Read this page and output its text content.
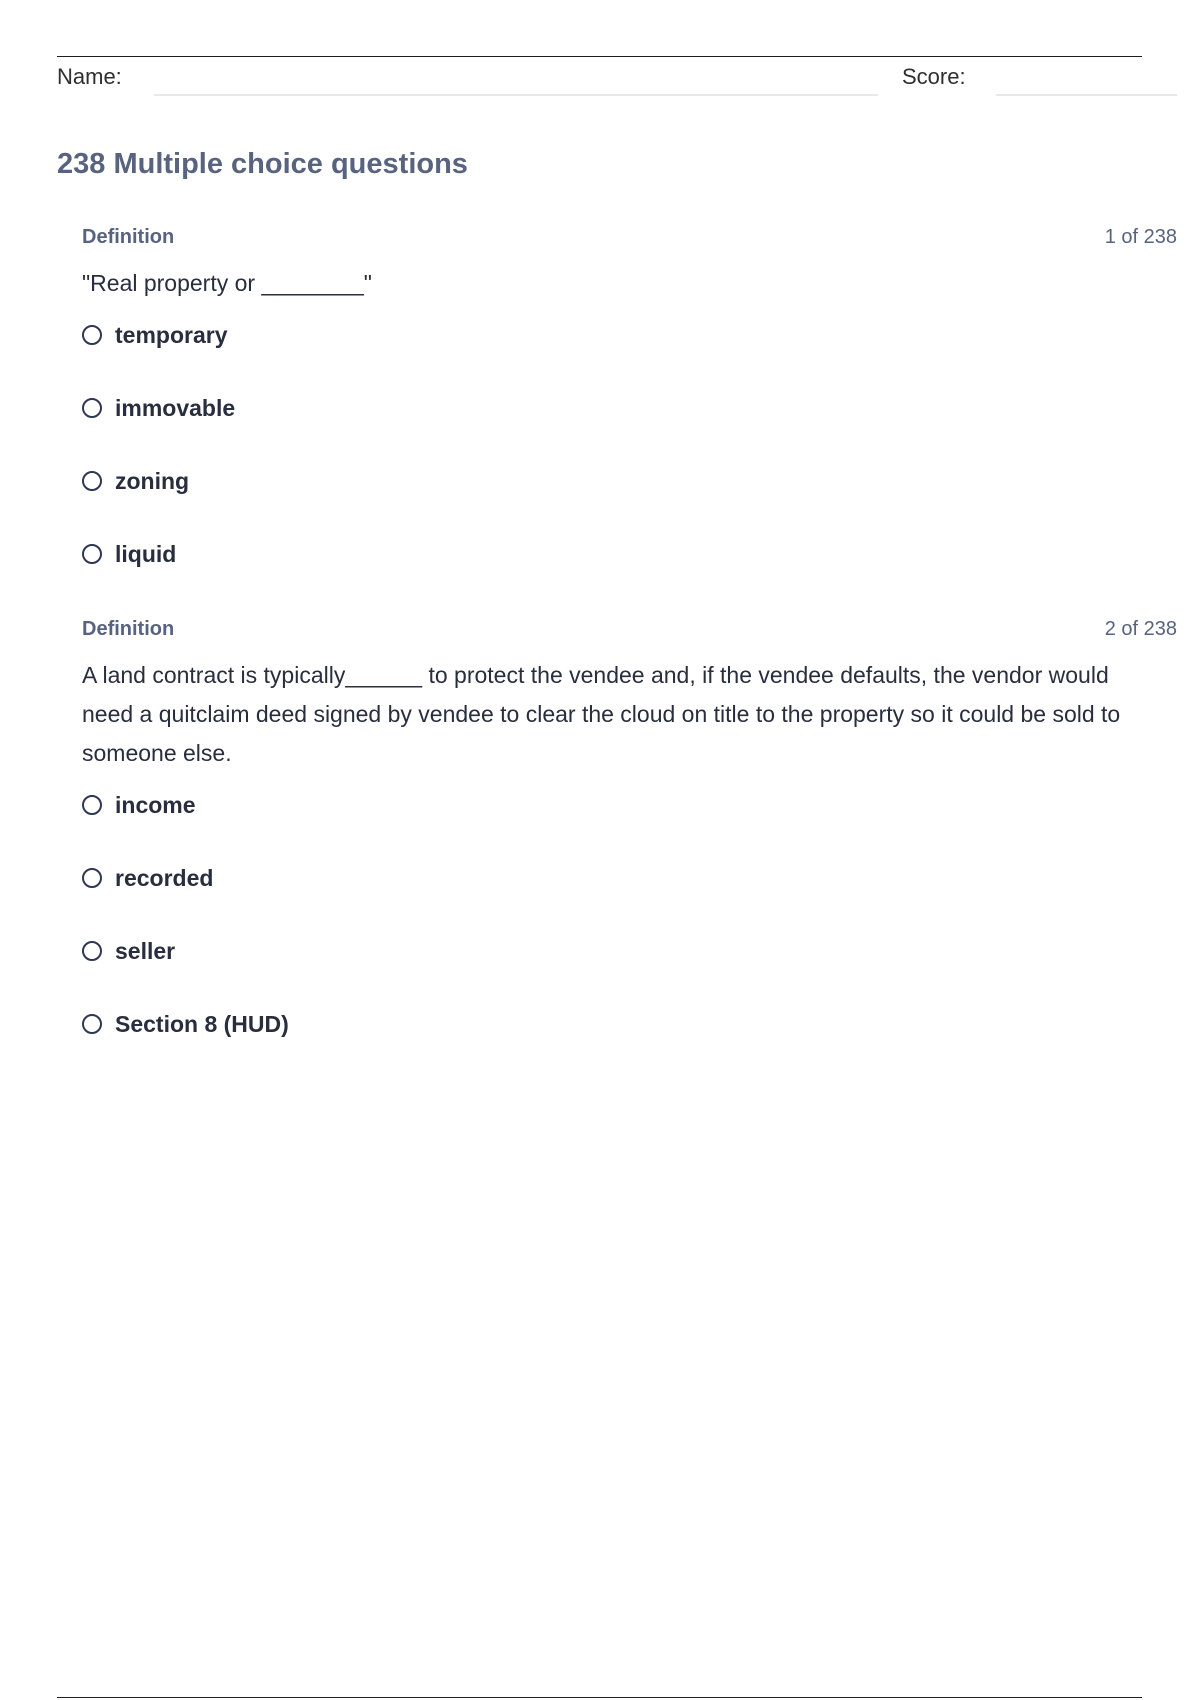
Name:	Score:
238 Multiple choice questions
Definition	1 of 238
"Real property or ________"
temporary
immovable
zoning
liquid
Definition	2 of 238
A land contract is typically______ to protect the vendee and, if the vendee defaults, the vendor would need a quitclaim deed signed by vendee to clear the cloud on title to the property so it could be sold to someone else.
income
recorded
seller
Section 8 (HUD)
